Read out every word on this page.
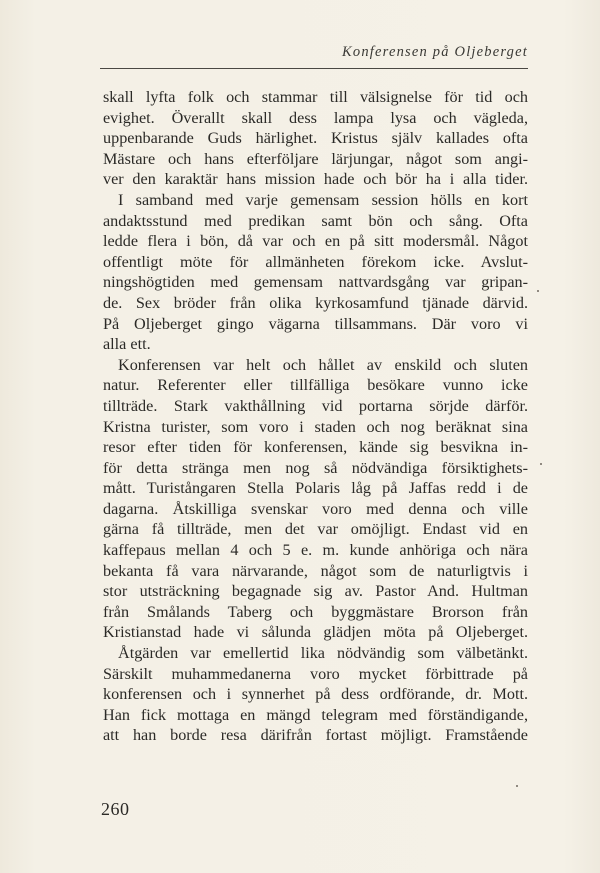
Konferensen på Oljeberget
skall lyfta folk och stammar till välsignelse för tid och
evighet. Överallt skall dess lampa lysa och vägleda,
uppenbarande Guds härlighet. Kristus själv kallades ofta
Mästare och hans efterföljare lärjungar, något som angi-
ver den karaktär hans mission hade och bör ha i alla tider.
I samband med varje gemensam session hölls en kort
andaktsstund med predikan samt bön och sång. Ofta
ledde flera i bön, då var och en på sitt modersmål. Något
offentligt möte för allmänheten förekom icke. Avslut-
ningshögtiden med gemensam nattvardsgång var gripan-
de. Sex bröder från olika kyrkosamfund tjänade därvid.
På Oljeberget gingo vägarna tillsammans. Där voro vi
alla ett.
Konferensen var helt och hållet av enskild och sluten
natur. Referenter eller tillfälliga besökare vunno icke
tillträde. Stark vakthållning vid portarna sörjde därför.
Kristna turister, som voro i staden och nog beräknat sina
resor efter tiden för konferensen, kände sig besvikna in-
för detta stränga men nog så nödvändiga försiktighets-
mått. Turistångaren Stella Polaris låg på Jaffas redd i de
dagarna. Åtskilliga svenskar voro med denna och ville
gärna få tillträde, men det var omöjligt. Endast vid en
kaffepaus mellan 4 och 5 e. m. kunde anhöriga och nära
bekanta få vara närvarande, något som de naturligtvis i
stor utsträckning begagnade sig av. Pastor And. Hultman
från Smålands Taberg och byggmästare Brorson från
Kristianstad hade vi sålunda glädjen möta på Oljeberget.
Åtgärden var emellertid lika nödvändig som välbetänkt.
Särskilt muhammedanerna voro mycket förbittrade på
konferensen och i synnerhet på dess ordförande, dr. Mott.
Han fick mottaga en mängd telegram med förständigande,
att han borde resa därifrån fortast möjligt. Framstående
260
